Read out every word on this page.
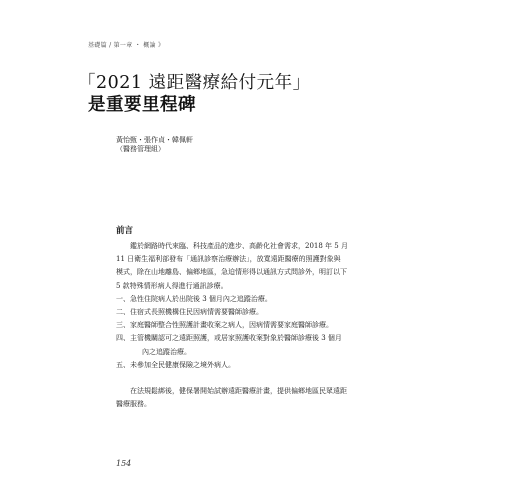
基礎篇 / 第一章 ・ 概論 》
「2021 遠距醫療給付元年」
是重要里程碑
黃怡甄・張作貞・韓佩軒
（醫務管理組）
前言

鑑於網路時代來臨、科技產品的進步、高齡化社會需求，2018 年 5 月
11 日衛生福利部發布「通訊診察治療辦法」，放寬遠距醫療的照護對象與
模式，除在山地離島、偏鄉地區，急迫情形得以通訊方式問診外，明訂以下
5 款特殊情形病人得進行通訊診療。

一、急性住院病人於出院後 3 個月內之追蹤治療。
二、住宿式長照機構住民因病情需要醫師診療。
三、家庭醫師整合性照護計畫收案之病人，因病情需要家庭醫師診療。
四、主管機關認可之遠距照護，或居家照護收案對象於醫師診療後 3 個月
內之追蹤治療。
五、未參加全民健康保險之境外病人。

在法規鬆綁後，健保署開始試辦遠距醫療計畫，提供偏鄉地區民眾遠距
醫療服務。

154
